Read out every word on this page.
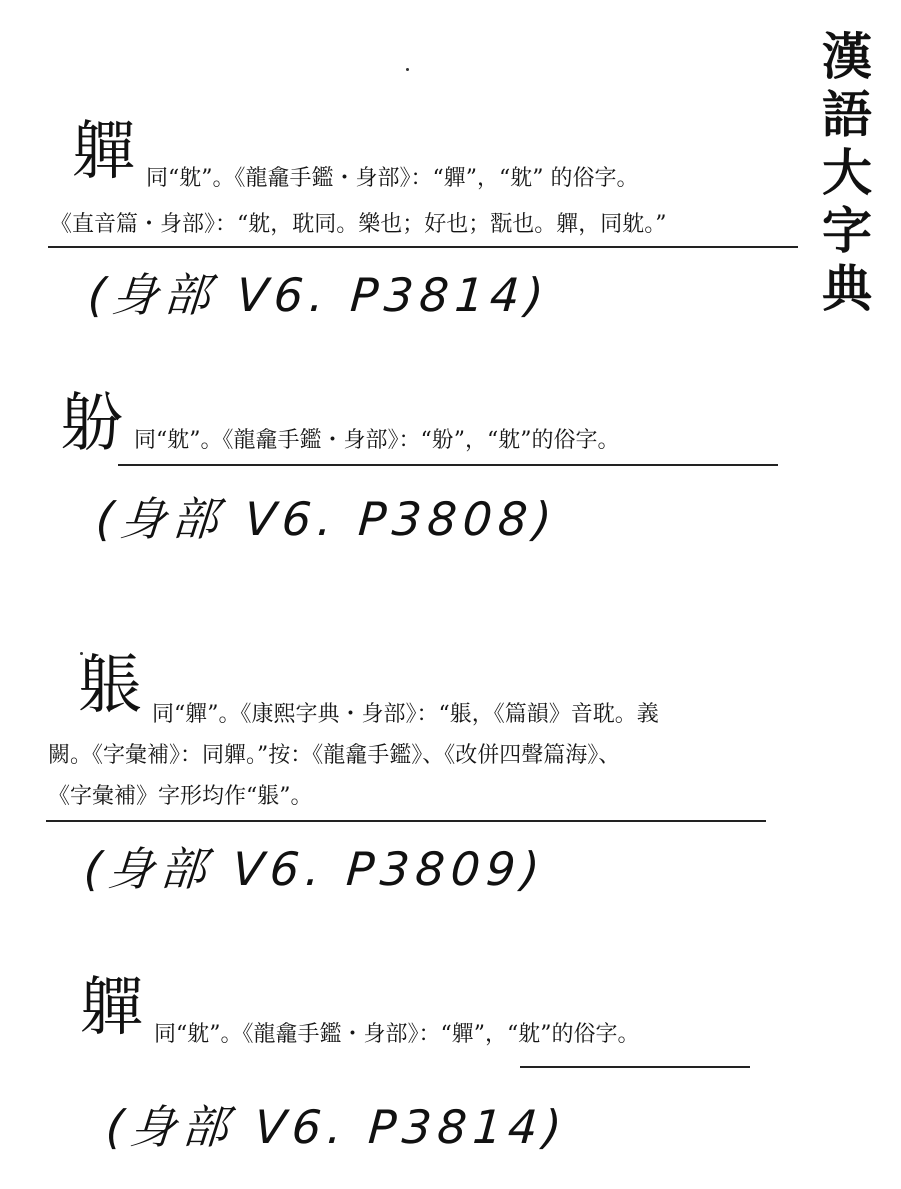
漢
語
大
字
典
軃 同“躭”。《龍龕手鑑・身部》：“軃”，“躭” 的俗字。
《直音篇・身部》：“躭，耽同。樂也；好也；翫也。軃，同躭。”
(身部 V6. P3814)
躮 同“躭”。《龍龕手鑑・身部》：“躮”，“躭”的俗字。
(身部 V6. P3808)
躼 同“軃”。《康熙字典・身部》：“躼，《篇韻》音耽。義
闕。《字彙補》：同軃。”按：《龍龕手鑑》、《改併四聲篇海》、
《字彙補》字形均作“躼”。
(身部 V6. P3809)
軃 同“躭”。《龍龕手鑑・身部》：“軃”，“躭”的俗字。
(身部 V6. P3814)
